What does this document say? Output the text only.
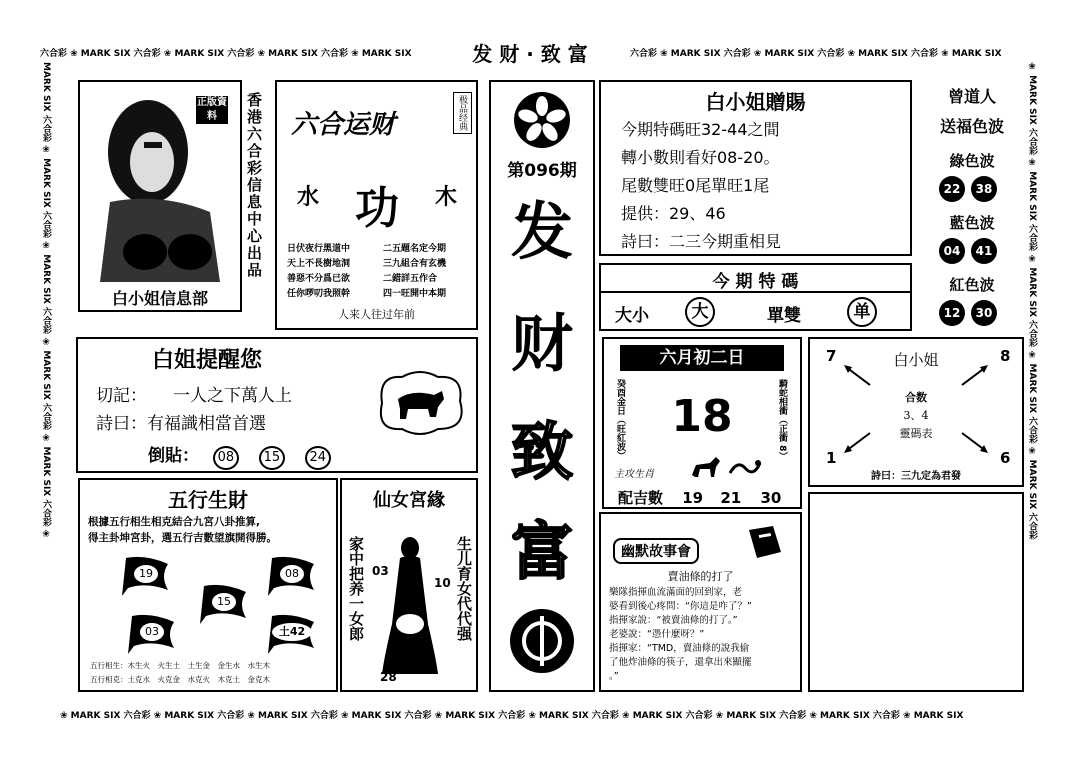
六合彩 ❀ MARK SIX 六合彩 ❀ MARK SIX 六合彩 ❀ MARK SIX 六合彩 ❀ MARK SIX	发 财 · 致 富	六合彩 ❀ MARK SIX 六合彩 ❀ MARK SIX 六合彩 ❀ MARK SIX 六合彩 ❀ MARK SIX
❀ MARK SIX 六合彩 ❀ MARK SIX 六合彩 ❀ MARK SIX 六合彩 ❀ MARK SIX 六合彩 ❀ MARK SIX 六合彩 ❀ MARK SIX 六合彩 ❀ MARK SIX 六合彩 ❀ MARK SIX 六合彩 ❀ MARK SIX 六合彩 ❀ MARK SIX
MARK SIX 六合彩 ❀ MARK SIX 六合彩 ❀ MARK SIX 六合彩 ❀ MARK SIX 六合彩 ❀ MARK SIX 六合彩 ❀	❀ MARK SIX 六合彩 ❀ MARK SIX 六合彩 ❀ MARK SIX 六合彩 ❀ MARK SIX 六合彩 ❀ MARK SIX 六合彩
正版資料
白小姐信息部
香港六合彩信息中心出品 六合运财	极品经典
水 功 木
日伏夜行黑道中
天上不長樹地洞
善惡不分爲已欲
任你啰叨我照幹
二五題名定今期
三九組合有玄機
二錯詳五作合
四一旺開中本期
人来人往过年前
第096期
发
财
致
富
白小姐贈賜
今期特碼旺32-44之間
轉小數則看好08-20。
尾數雙旺0尾單旺1尾
提供：29、46
詩曰：二三今期重相見
今 期 特 碼
大小	大	單雙	单
曾道人
送福色波
綠色波
22 38
藍色波
04 41
紅色波
12 30
白姐提醒您
切記： 一人之下萬人上
詩曰：有福識相當首選
倒貼： 08 15 24
六月初二日
癸酉金日（旺紅波）	騎蛇相衝（正衝 8）
18
主攻生肖
配吉數 19 21 30
7	白小姐	8
1	6
合数
3、4
靈碼表
詩曰：三九定為君發
五行生財
根據五行相生相克結合九宮八卦推算,
得主卦坤宮卦，選五行吉數望旗開得勝。
19	08
15
03	土42
五行相生：木生火　火生土　土生金　金生水　水生木
五行相克：土克水　火克金　水克火　木克土　金克木
仙女宮緣
家中把养一女郎	生儿育女代代强
03
10
19
28
幽默故事會
賣油條的打了
樂隊指揮血流滿面的回到家，老
婆看到後心疼問：“你這是咋了？”
指揮家說：“被賣油條的打了。”
老婆說：“憑什麼呀？”
指揮家：“TMD，賣油條的說我偷
了他炸油條的筷子，還拿出來顯擺
。”
